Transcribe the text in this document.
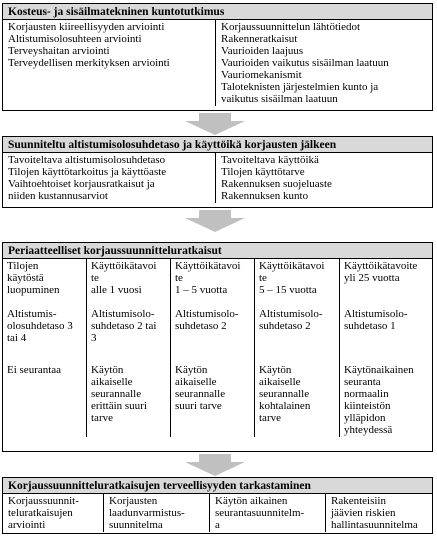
Kosteus- ja sisäilmatekninen kuntotutkimus
Korjausten kiireellisyyden arviointi
Altistumisolosuhteen arviointi
Terveyshaitan arviointi
Terveydellisen merkityksen arviointi
Korjaussuunnittelun lähtötiedot
Rakenneratkaisut
Vaurioiden laajuus
Vaurioiden vaikutus sisäilman laatuun
Vauriomekanismit
Taloteknisten järjestelmien kunto ja
vaikutus sisäilman laatuun
Suunniteltu altistumisolosuhdetaso ja käyttöikä korjausten jälkeen
Tavoiteltava altistumisolosuhdetaso
Tilojen käyttötarkoitus ja käyttöaste
Vaihtoehtoiset korjausratkaisut ja
niiden kustannusarviot
Tavoiteltava käyttöikä
Tilojen käyttötarve
Rakennuksen suojeluaste
Rakennuksen kunto
Periaatteelliset korjaussuunnitteluratkaisut
Tilojen
käytöstä
luopuminen
Altistumis-
olosuhdetaso 3
tai 4
Ei seurantaa
Käyttöikätavoi
te
alle 1 vuosi
Altistumisolo-
suhdetaso 2 tai
3
Käytön
aikaiselle
seurannalle
erittäin suuri
tarve
Käyttöikätavoi
te
1 – 5 vuotta
Altistumisolo-
suhdetaso 2
Käytön
aikaiselle
seurannalle
suuri tarve
Käyttöikätavoi
te
5 – 15 vuotta
Altistumisolo-
suhdetaso 2
Käytön
aikaiselle
seurannalle
kohtalainen
tarve
Käyttöikätavoite
yli 25 vuotta
Altistumisolo-
suhdetaso 1
Käytönaikainen
seuranta
normaalin
kiinteistön
ylläpidon
yhteydessä
Korjaussuunnitteluratkaisujen terveellisyyden tarkastaminen
Korjaussuunnit-
teluratkaisujen
arviointi
Korjausten
laadunvarmistus-
suunnitelma
Käytön aikainen
seurantasuunnitelm-
a
Rakenteisiin
jäävien riskien
hallintasuunnitelma
